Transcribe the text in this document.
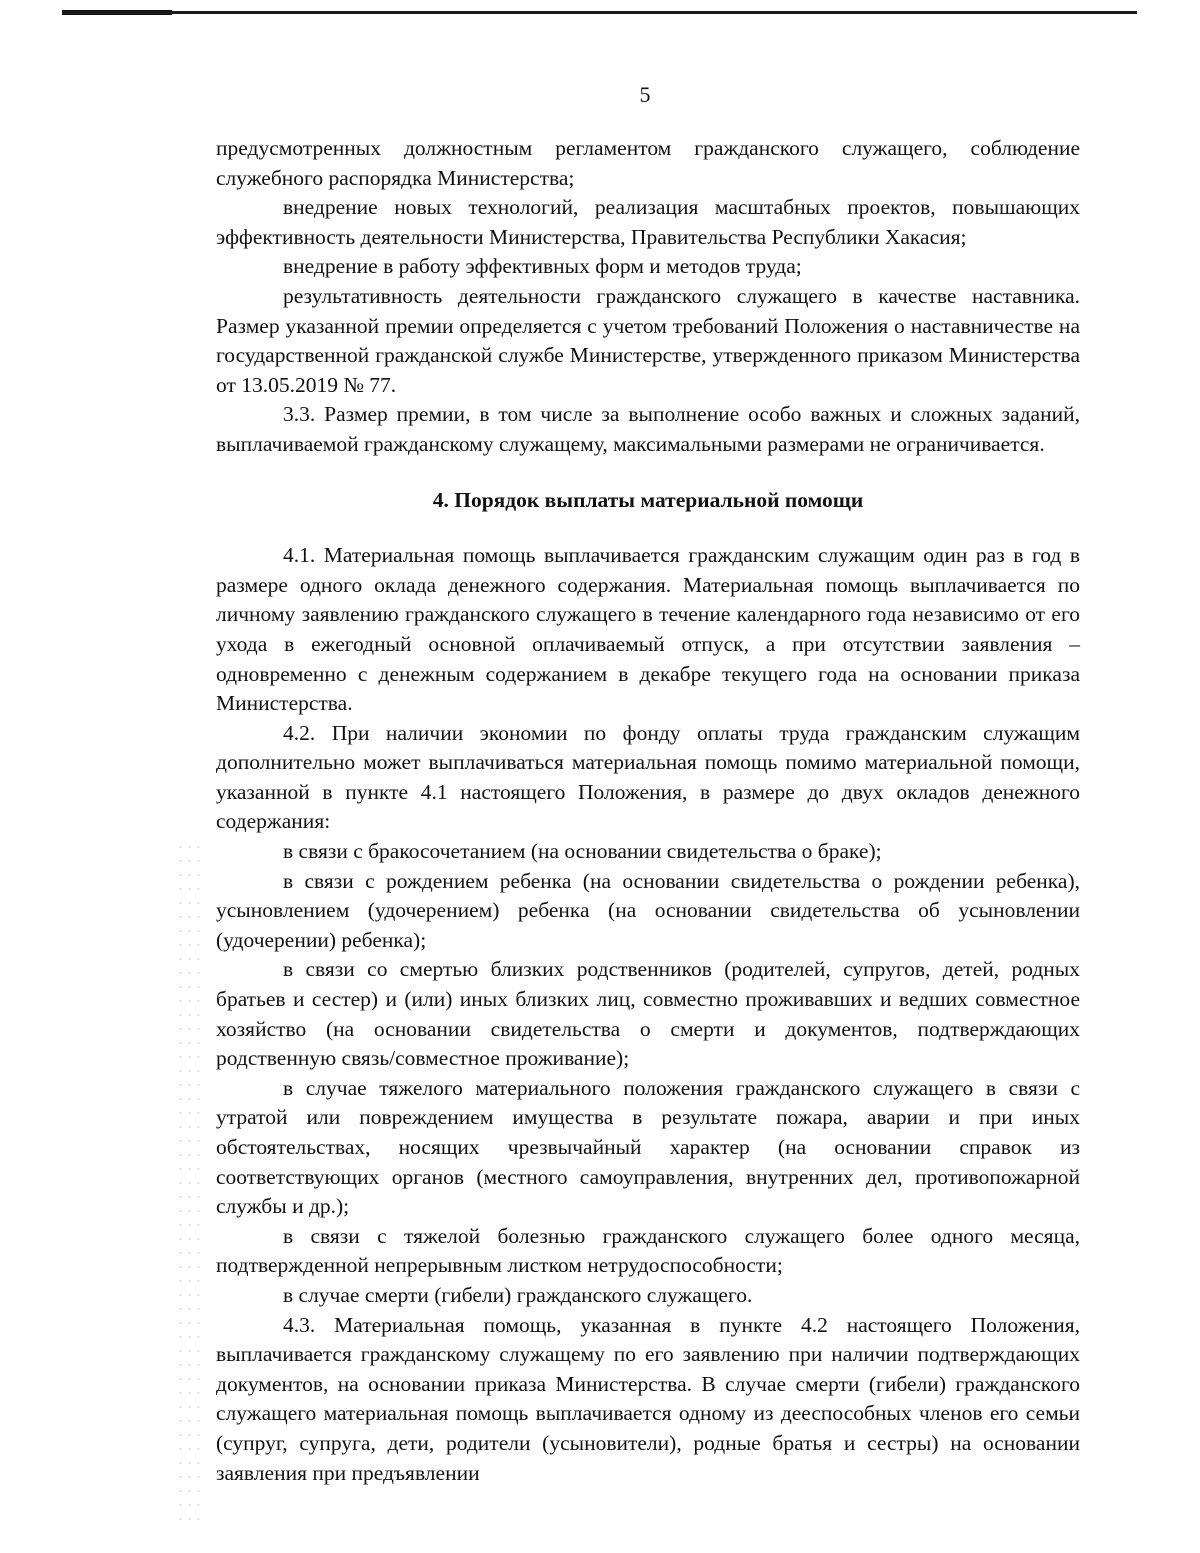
5

предусмотренных должностным регламентом гражданского служащего, соблюдение служебного распорядка Министерства;

внедрение новых технологий, реализация масштабных проектов, повышающих эффективность деятельности Министерства, Правительства Республики Хакасия;

внедрение в работу эффективных форм и методов труда;

результативность деятельности гражданского служащего в качестве наставника. Размер указанной премии определяется с учетом требований Положения о наставничестве на государственной гражданской службе Министерстве, утвержденного приказом Министерства от 13.05.2019 № 77.

3.3. Размер премии, в том числе за выполнение особо важных и сложных заданий, выплачиваемой гражданскому служащему, максимальными размерами не ограничивается.

4. Порядок выплаты материальной помощи

4.1. Материальная помощь выплачивается гражданским служащим один раз в год в размере одного оклада денежного содержания. Материальная помощь выплачивается по личному заявлению гражданского служащего в течение календарного года независимо от его ухода в ежегодный основной оплачиваемый отпуск, а при отсутствии заявления – одновременно с денежным содержанием в декабре текущего года на основании приказа Министерства.

4.2. При наличии экономии по фонду оплаты труда гражданским служащим дополнительно может выплачиваться материальная помощь помимо материальной помощи, указанной в пункте 4.1 настоящего Положения, в размере до двух окладов денежного содержания:

в связи с бракосочетанием (на основании свидетельства о браке);

в связи с рождением ребенка (на основании свидетельства о рождении ребенка), усыновлением (удочерением) ребенка (на основании свидетельства об усыновлении (удочерении) ребенка);

в связи со смертью близких родственников (родителей, супругов, детей, родных братьев и сестер) и (или) иных близких лиц, совместно проживавших и ведших совместное хозяйство (на основании свидетельства о смерти и документов, подтверждающих родственную связь/совместное проживание);

в случае тяжелого материального положения гражданского служащего в связи с утратой или повреждением имущества в результате пожара, аварии и при иных обстоятельствах, носящих чрезвычайный характер (на основании справок из соответствующих органов (местного самоуправления, внутренних дел, противопожарной службы и др.);

в связи с тяжелой болезнью гражданского служащего более одного месяца, подтвержденной непрерывным листком нетрудоспособности;

в случае смерти (гибели) гражданского служащего.

4.3. Материальная помощь, указанная в пункте 4.2 настоящего Положения, выплачивается гражданскому служащему по его заявлению при наличии подтверждающих документов, на основании приказа Министерства. В случае смерти (гибели) гражданского служащего материальная помощь выплачивается одному из дееспособных членов его семьи (супруг, супруга, дети, родители (усыновители), родные братья и сестры) на основании заявления при предъявлении
